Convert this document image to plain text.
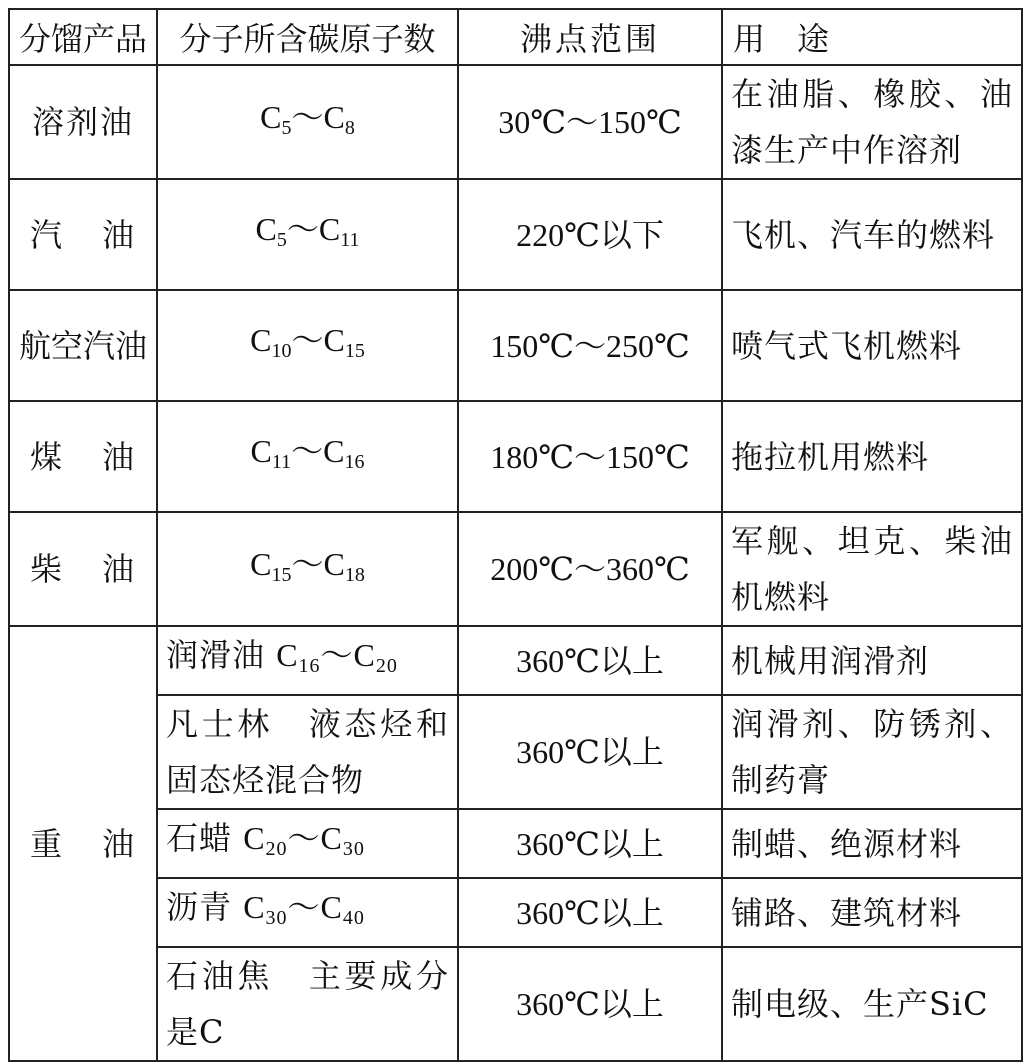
分馏产品	分子所含碳原子数	沸点范围	用　途
溶剂油	$C_5\sim C_8$	30℃～150℃	在油脂、橡胶、油漆生产中作溶剂
汽油	$C_5\sim C_{11}$	220℃以下	飞机、汽车的燃料
航空汽油	$C_{10}\sim C_{15}$	150℃～250℃	喷气式飞机燃料
煤油	$C_{11}\sim C_{16}$	180℃～150℃	拖拉机用燃料
柴油	$C_{15}\sim C_{18}$	200℃～360℃	军舰、坦克、柴油机燃料
重油	润滑油 $C_{16}\sim C_{20}$	360℃以上	机械用润滑剂
	凡士林　液态烃和固态烃混合物	360℃以上	润滑剂、防锈剂、制药膏
	石蜡 $C_{20}\sim C_{30}$	360℃以上	制蜡、绝源材料
	沥青 $C_{30}\sim C_{40}$	360℃以上	铺路、建筑材料
	石油焦　主要成分是C	360℃以上	制电级、生产SiC
